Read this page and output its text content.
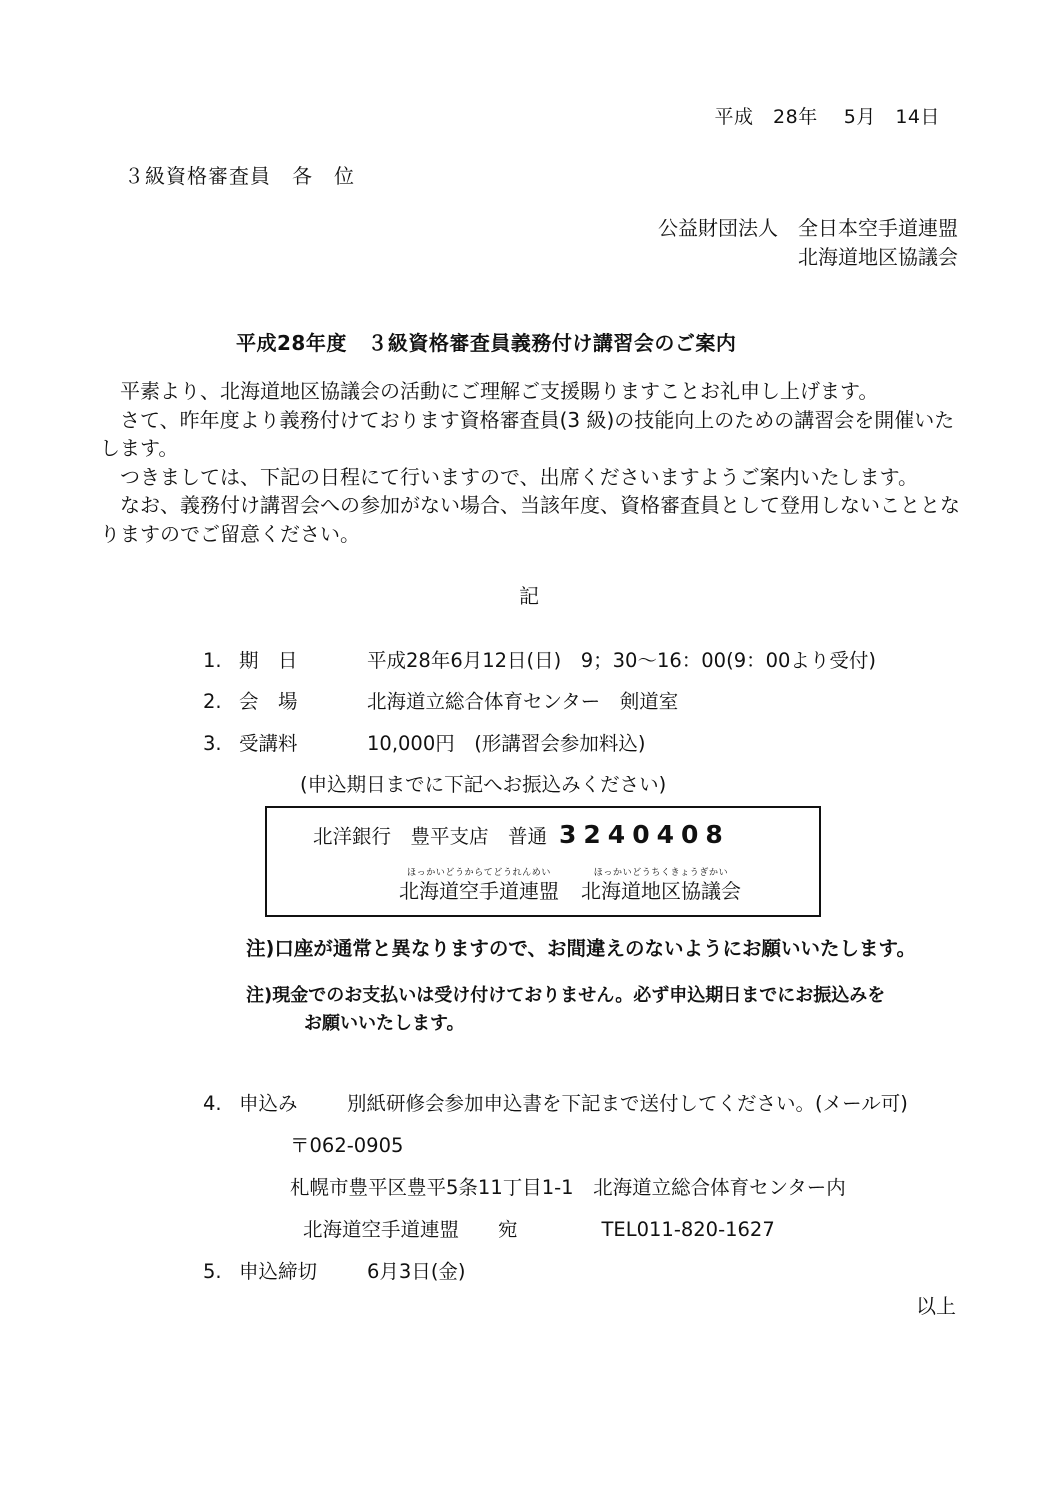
平成　28年　 5月　14日
３級資格審査員　各　位
公益財団法人　全日本空手道連盟
北海道地区協議会
平成28年度　３級資格審査員義務付け講習会のご案内

平素より、北海道地区協議会の活動にご理解ご支援賜りますことお礼申し上げます。

さて、昨年度より義務付けております資格審査員(3 級)の技能向上のための講習会を開催いたします。

つきましては、下記の日程にて行いますので、出席くださいますようご案内いたします。

なお、義務付け講習会への参加がない場合、当該年度、資格審査員として登用しないこととなりますのでご留意ください。

記
1. 期　日	平成28年6月12日(日)　9；30～16：00(9：00より受付)
2. 会　場	北海道立総合体育センター　剣道室
3. 受講料	10,000円　(形講習会参加料込)
(申込期日までに下記へお振込みください)
北洋銀行　豊平支店　普通 3240408
ほっかいどうからてどうれんめい
北海道空手道連盟
ほっかいどうちくきょうぎかい
北海道地区協議会
注)口座が通常と異なりますので、お間違えのないようにお願いいたします。
注)現金でのお支払いは受け付けておりません。必ず申込期日までにお振込みを
お願いいたします。
4. 申込み	別紙研修会参加申込書を下記まで送付してください。(メール可)
〒062-0905
札幌市豊平区豊平5条11丁目1-1　北海道立総合体育センター内
北海道空手道連盟　　宛	TEL011-820-1627
5. 申込締切	6月3日(金)
以上
